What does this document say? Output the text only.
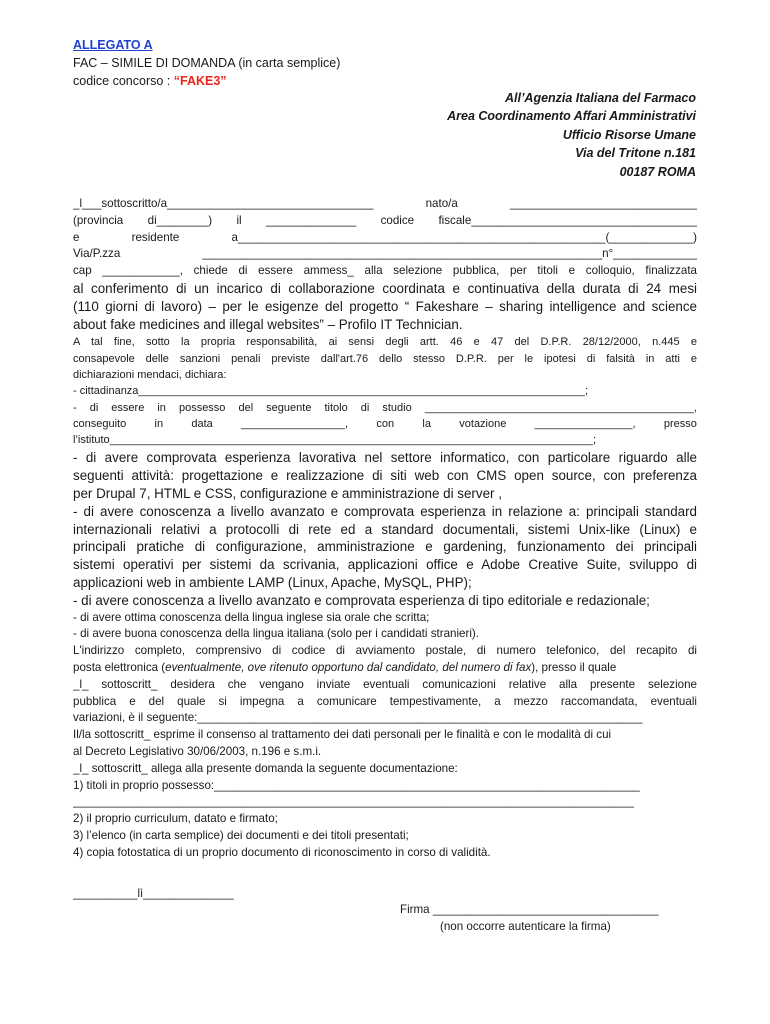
ALLEGATO A
FAC – SIMILE DI DOMANDA (in carta semplice)
codice concorso : “FAKE3”
All’Agenzia Italiana del Farmaco
Area Coordinamento Affari Amministrativi
Ufficio Risorse Umane
Via del Tritone n.181
00187 ROMA
_l___sottoscritto/a________________________________ nato/a _____________________________
(provincia di________) il ______________ codice fiscale___________________________________
e residente a_________________________________________________________(_____________)
Via/P.zza ______________________________________________________________n°_____________
cap ____________, chiede di essere ammess_ alla selezione pubblica, per titoli e colloquio, finalizzata
al conferimento di un incarico di collaborazione coordinata e continuativa della durata di 24 mesi
(110 giorni di lavoro) – per le esigenze del progetto “ Fakeshare – sharing intelligence and science
about fake medicines and illegal websites” – Profilo IT Technician.
A tal fine, sotto la propria responsabilità, ai sensi degli artt. 46 e 47 del D.P.R. 28/12/2000, n.445 e
consapevole delle sanzioni penali previste dall'art.76 dello stesso D.P.R. per le ipotesi di falsità in atti e
dichiarazioni mendaci, dichiara:
- cittadinanza_________________________________________________________________________;
- di essere in possesso del seguente titolo di studio ____________________________________________,
conseguito	in	data	_________________,	con	la	votazione	________________,	presso
l’istituto_______________________________________________________________________________;
- di avere comprovata esperienza lavorativa nel settore informatico, con particolare riguardo alle
seguenti attività: progettazione e realizzazione di siti web con CMS open source, con preferenza
per Drupal 7, HTML e CSS, configurazione e amministrazione di server ,
- di avere conoscenza a livello avanzato e comprovata esperienza in relazione a: principali standard
internazionali relativi a protocolli di rete ed a standard documentali, sistemi Unix-like (Linux) e
principali pratiche di configurazione, amministrazione e gardening, funzionamento dei principali
sistemi operativi per sistemi da scrivania, applicazioni office e Adobe Creative Suite, sviluppo di
applicazioni web in ambiente LAMP (Linux, Apache, MySQL, PHP);
- di avere conoscenza a livello avanzato e comprovata esperienza di tipo editoriale e redazionale;
- di avere ottima conoscenza della lingua inglese sia orale che scritta;
- di avere buona conoscenza della lingua italiana (solo per i candidati stranieri).
L'indirizzo completo, comprensivo di codice di avviamento postale, di numero telefonico, del recapito di
posta elettronica (eventualmente, ove ritenuto opportuno dal candidato, del numero di fax), presso il quale
_l_ sottoscritt_ desidera che vengano inviate eventuali comunicazioni relative alla presente selezione
pubblica e del quale si impegna a comunicare tempestivamente, a mezzo raccomandata, eventuali
variazioni, è il seguente:_____________________________________________________________________
Il/la sottoscritt_ esprime il consenso al trattamento dei dati personali per le finalità e con le modalità di cui
al Decreto Legislativo 30/06/2003, n.196 e s.m.i.
_l_ sottoscritt_ allega alla presente domanda la seguente documentazione:
1) titoli in proprio possesso:__________________________________________________________________
_______________________________________________________________________________________
2) il proprio curriculum, datato e firmato;
3) l’elenco (in carta semplice) dei documenti e dei titoli presentati;
4) copia fotostatica di un proprio documento di riconoscimento in corso di validità.
__________lì______________
Firma ___________________________________
(non occorre autenticare la firma)
